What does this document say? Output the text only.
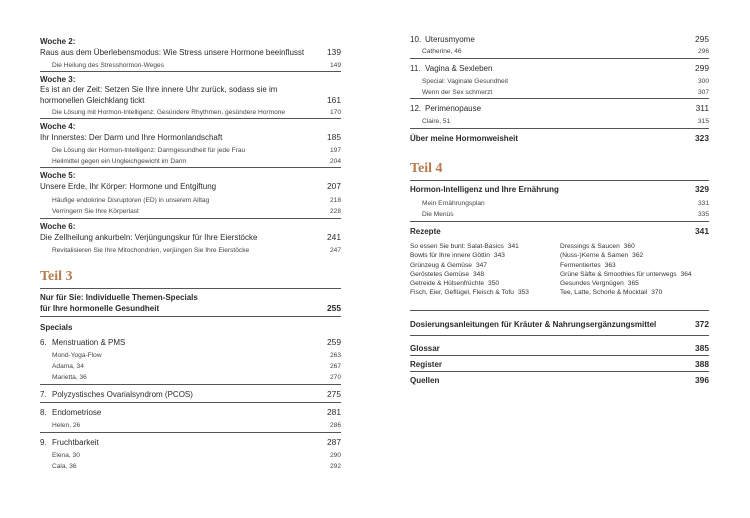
Woche 2:
Raus aus dem Überlebensmodus: Wie Stress unsere Hormone beeinflusst	139
Die Heilung des Stresshormon-Weges	149
Woche 3:
Es ist an der Zeit: Setzen Sie Ihre innere Uhr zurück, sodass sie im
hormonellen Gleichklang tickt	161
Die Lösung mit Hormon-Intelligenz: Gesündere Rhythmen, gesündere Hormone	170
Woche 4:
Ihr Innerstes: Der Darm und Ihre Hormonlandschaft	185
Die Lösung der Hormon-Intelligenz: Darmgesundheit für jede Frau	197
Heilmittel gegen ein Ungleichgewicht im Darm	204
Woche 5:
Unsere Erde, Ihr Körper: Hormone und Entgiftung	207
Häufige endokrine Disruptoren (ED) in unserem Alltag	218
Verringern Sie Ihre Körperlast	228
Woche 6:
Die Zellheilung ankurbeln: Verjüngungskur für Ihre Eierstöcke	241
Revitalisieren Sie Ihre Mitochondrien, verjüngen Sie Ihre Eierstöcke	247
Teil 3
Nur für Sie: Individuelle Themen-Specials
für Ihre hormonelle Gesundheit	255
Specials
6. Menstruation & PMS	259
Mond-Yoga-Flow	263
Adama, 34	267
Marietta, 36	270
7. Polyzystisches Ovarialsyndrom (PCOS)	275
8. Endometriose	281
Helen, 26	286
9. Fruchtbarkeit	287
Elena, 30	290
Cala, 36	292
10. Uterusmyome	295
Catherine, 46	296
11. Vagina & Sexleben	299
Special: Vaginale Gesundheit	300
Wenn der Sex schmerzt	307
12. Perimenopause	311
Claire, 51	315
Über meine Hormonweisheit	323
Teil 4
Hormon-Intelligenz und Ihre Ernährung	329
Mein Ernährungsplan	331
Die Menüs	335
Rezepte	341
So essen Sie bunt: Salat-Basics 341
Bowls für Ihre innere Göttin 343
Grünzeug & Gemüse 347
Geröstetes Gemüse 348
Getreide & Hülsenfrüchte 350
Fisch, Eier, Geflügel, Fleisch & Tofu 353
Dressings & Saucen 360
(Nuss-)Kerne & Samen 362
Fermentiertes 363
Grüne Säfte & Smoothies für unterwegs 364
Gesundes Vergnügen 365
Tee, Latte, Schorle & Mocktail 370
Dosierungsanleitungen für Kräuter & Nahrungsergänzungsmittel	372
Glossar	385
Register	388
Quellen	396
